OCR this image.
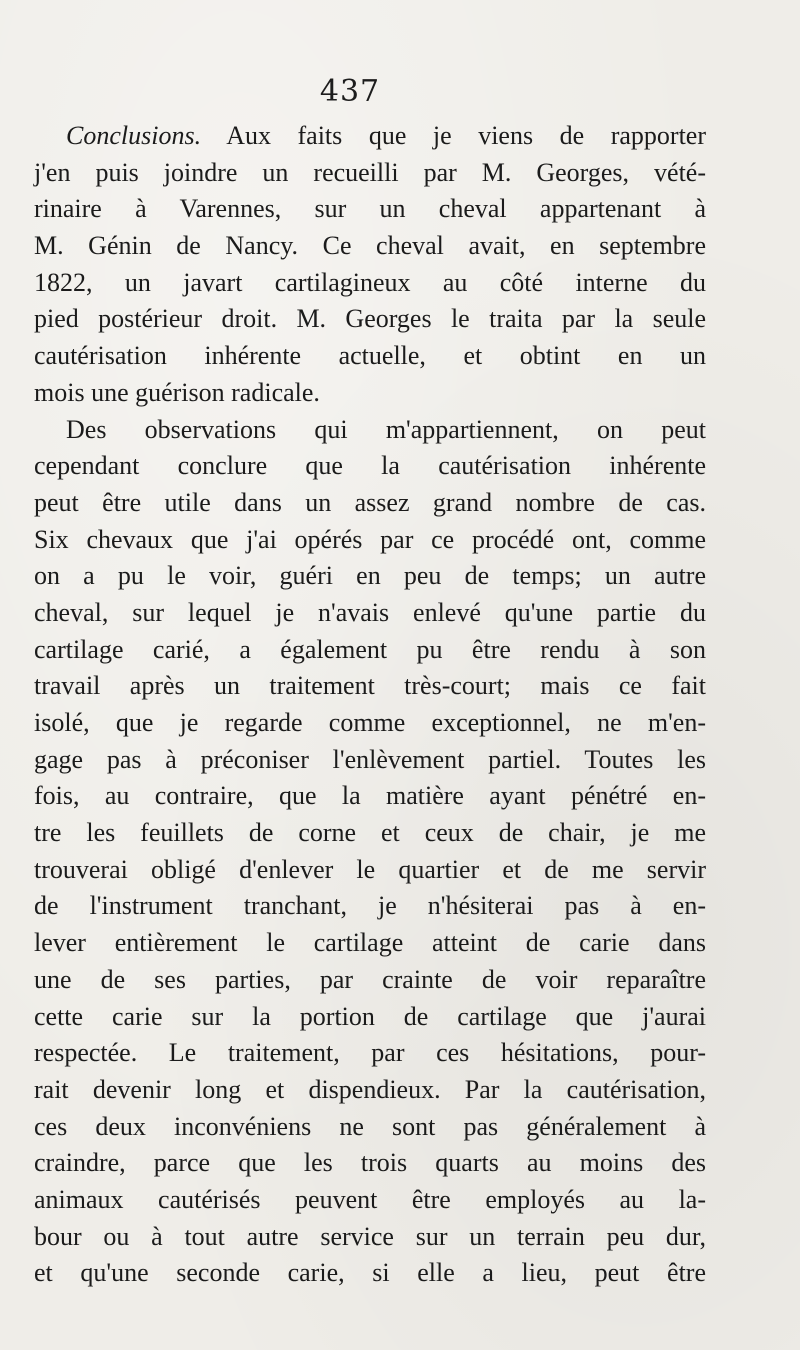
437
Conclusions. Aux faits que je viens de rapporter
j'en puis joindre un recueilli par M. Georges, vété-
rinaire à Varennes, sur un cheval appartenant à
M. Génin de Nancy. Ce cheval avait, en septembre
1822, un javart cartilagineux au côté interne du
pied postérieur droit. M. Georges le traita par la seule
cautérisation inhérente actuelle, et obtint en un
mois une guérison radicale.
Des observations qui m'appartiennent, on peut
cependant conclure que la cautérisation inhérente
peut être utile dans un assez grand nombre de cas.
Six chevaux que j'ai opérés par ce procédé ont, comme
on a pu le voir, guéri en peu de temps; un autre
cheval, sur lequel je n'avais enlevé qu'une partie du
cartilage carié, a également pu être rendu à son
travail après un traitement très-court; mais ce fait
isolé, que je regarde comme exceptionnel, ne m'en-
gage pas à préconiser l'enlèvement partiel. Toutes les
fois, au contraire, que la matière ayant pénétré en-
tre les feuillets de corne et ceux de chair, je me
trouverai obligé d'enlever le quartier et de me servir
de l'instrument tranchant, je n'hésiterai pas à en-
lever entièrement le cartilage atteint de carie dans
une de ses parties, par crainte de voir reparaître
cette carie sur la portion de cartilage que j'aurai
respectée. Le traitement, par ces hésitations, pour-
rait devenir long et dispendieux. Par la cautérisation,
ces deux inconvéniens ne sont pas généralement à
craindre, parce que les trois quarts au moins des
animaux cautérisés peuvent être employés au la-
bour ou à tout autre service sur un terrain peu dur,
et qu'une seconde carie, si elle a lieu, peut être
